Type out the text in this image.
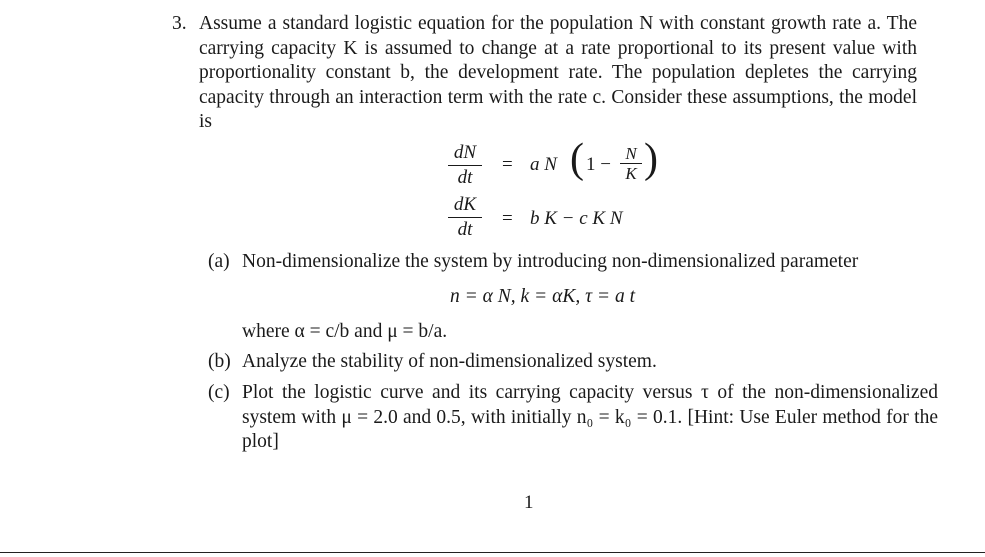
3. Assume a standard logistic equation for the population N with constant growth rate a. The carrying capacity K is assumed to change at a rate proportional to its present value with proportionality constant b, the development rate. The population depletes the carrying capacity through an interaction term with the rate c. Consider these assumptions, the model is
dN
dt
= a N ( 1 −
N
K )
dK
dt
= b K − c K N
(a) Non-dimensionalize the system by introducing non-dimensionalized parameter
n = α N, k = αK, τ = a t
where α = c/b and μ = b/a.
(b) Analyze the stability of non-dimensionalized system.
(c) Plot the logistic curve and its carrying capacity versus τ of the non-dimensionalized system with μ = 2.0 and 0.5, with initially n₀ = k₀ = 0.1. [Hint: Use Euler method for the plot]
1
